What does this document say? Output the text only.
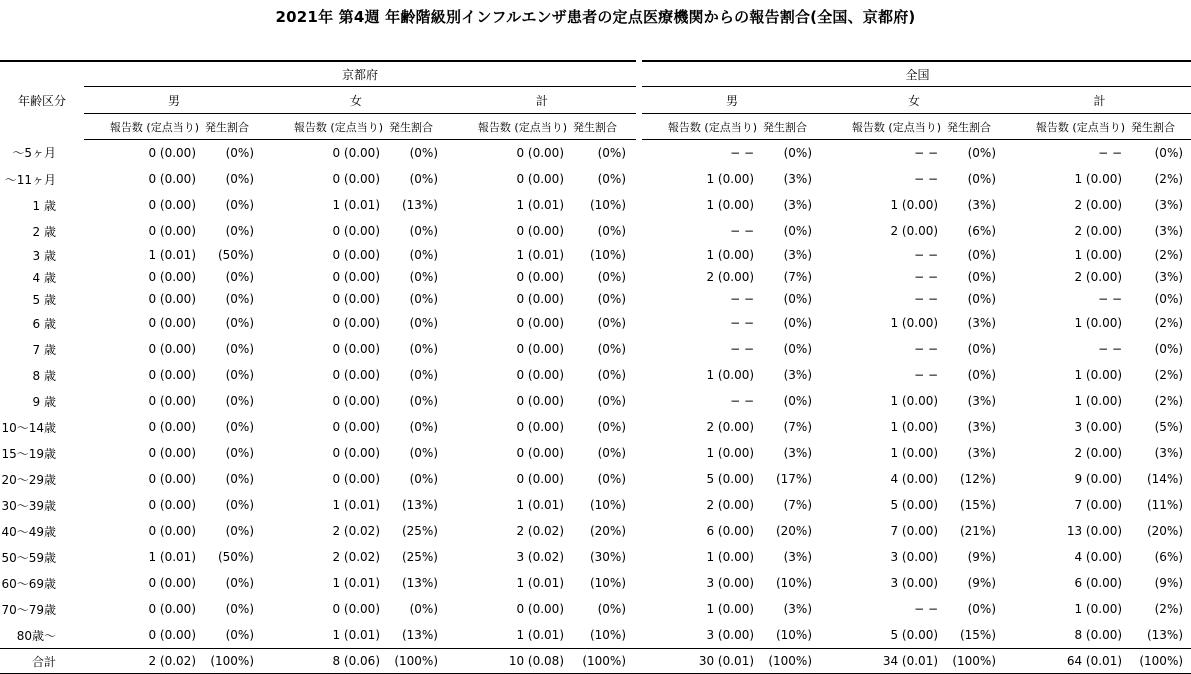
2021年 第4週 年齢階級別インフルエンザ患者の定点医療機関からの報告割合(全国、京都府)
年齢区分	京都府							全国					
	男		女		計			男		女		計	
	報告数 (定点当り)	発生割合	報告数 (定点当り)	発生割合	報告数 (定点当り)	発生割合		報告数 (定点当り)	発生割合	報告数 (定点当り)	発生割合	報告数 (定点当り)	発生割合
〜5ヶ月	0 (0.00)	(0%)	0 (0.00)	(0%)	0 (0.00)	(0%)		− −	(0%)	− −	(0%)	− −	(0%)
〜11ヶ月	0 (0.00)	(0%)	0 (0.00)	(0%)	0 (0.00)	(0%)		1 (0.00)	(3%)	− −	(0%)	1 (0.00)	(2%)
1 歳	0 (0.00)	(0%)	1 (0.01)	(13%)	1 (0.01)	(10%)		1 (0.00)	(3%)	1 (0.00)	(3%)	2 (0.00)	(3%)
2 歳	0 (0.00)	(0%)	0 (0.00)	(0%)	0 (0.00)	(0%)		− −	(0%)	2 (0.00)	(6%)	2 (0.00)	(3%)
3 歳	1 (0.01)	(50%)	0 (0.00)	(0%)	1 (0.01)	(10%)		1 (0.00)	(3%)	− −	(0%)	1 (0.00)	(2%)
4 歳	0 (0.00)	(0%)	0 (0.00)	(0%)	0 (0.00)	(0%)		2 (0.00)	(7%)	− −	(0%)	2 (0.00)	(3%)
5 歳	0 (0.00)	(0%)	0 (0.00)	(0%)	0 (0.00)	(0%)		− −	(0%)	− −	(0%)	− −	(0%)
6 歳	0 (0.00)	(0%)	0 (0.00)	(0%)	0 (0.00)	(0%)		− −	(0%)	1 (0.00)	(3%)	1 (0.00)	(2%)
7 歳	0 (0.00)	(0%)	0 (0.00)	(0%)	0 (0.00)	(0%)		− −	(0%)	− −	(0%)	− −	(0%)
8 歳	0 (0.00)	(0%)	0 (0.00)	(0%)	0 (0.00)	(0%)		1 (0.00)	(3%)	− −	(0%)	1 (0.00)	(2%)
9 歳	0 (0.00)	(0%)	0 (0.00)	(0%)	0 (0.00)	(0%)		− −	(0%)	1 (0.00)	(3%)	1 (0.00)	(2%)
10〜14歳	0 (0.00)	(0%)	0 (0.00)	(0%)	0 (0.00)	(0%)		2 (0.00)	(7%)	1 (0.00)	(3%)	3 (0.00)	(5%)
15〜19歳	0 (0.00)	(0%)	0 (0.00)	(0%)	0 (0.00)	(0%)		1 (0.00)	(3%)	1 (0.00)	(3%)	2 (0.00)	(3%)
20〜29歳	0 (0.00)	(0%)	0 (0.00)	(0%)	0 (0.00)	(0%)		5 (0.00)	(17%)	4 (0.00)	(12%)	9 (0.00)	(14%)
30〜39歳	0 (0.00)	(0%)	1 (0.01)	(13%)	1 (0.01)	(10%)		2 (0.00)	(7%)	5 (0.00)	(15%)	7 (0.00)	(11%)
40〜49歳	0 (0.00)	(0%)	2 (0.02)	(25%)	2 (0.02)	(20%)		6 (0.00)	(20%)	7 (0.00)	(21%)	13 (0.00)	(20%)
50〜59歳	1 (0.01)	(50%)	2 (0.02)	(25%)	3 (0.02)	(30%)		1 (0.00)	(3%)	3 (0.00)	(9%)	4 (0.00)	(6%)
60〜69歳	0 (0.00)	(0%)	1 (0.01)	(13%)	1 (0.01)	(10%)		3 (0.00)	(10%)	3 (0.00)	(9%)	6 (0.00)	(9%)
70〜79歳	0 (0.00)	(0%)	0 (0.00)	(0%)	0 (0.00)	(0%)		1 (0.00)	(3%)	− −	(0%)	1 (0.00)	(2%)
80歳〜	0 (0.00)	(0%)	1 (0.01)	(13%)	1 (0.01)	(10%)		3 (0.00)	(10%)	5 (0.00)	(15%)	8 (0.00)	(13%)
合計	2 (0.02)	(100%)	8 (0.06)	(100%)	10 (0.08)	(100%)		30 (0.01)	(100%)	34 (0.01)	(100%)	64 (0.01)	(100%)
